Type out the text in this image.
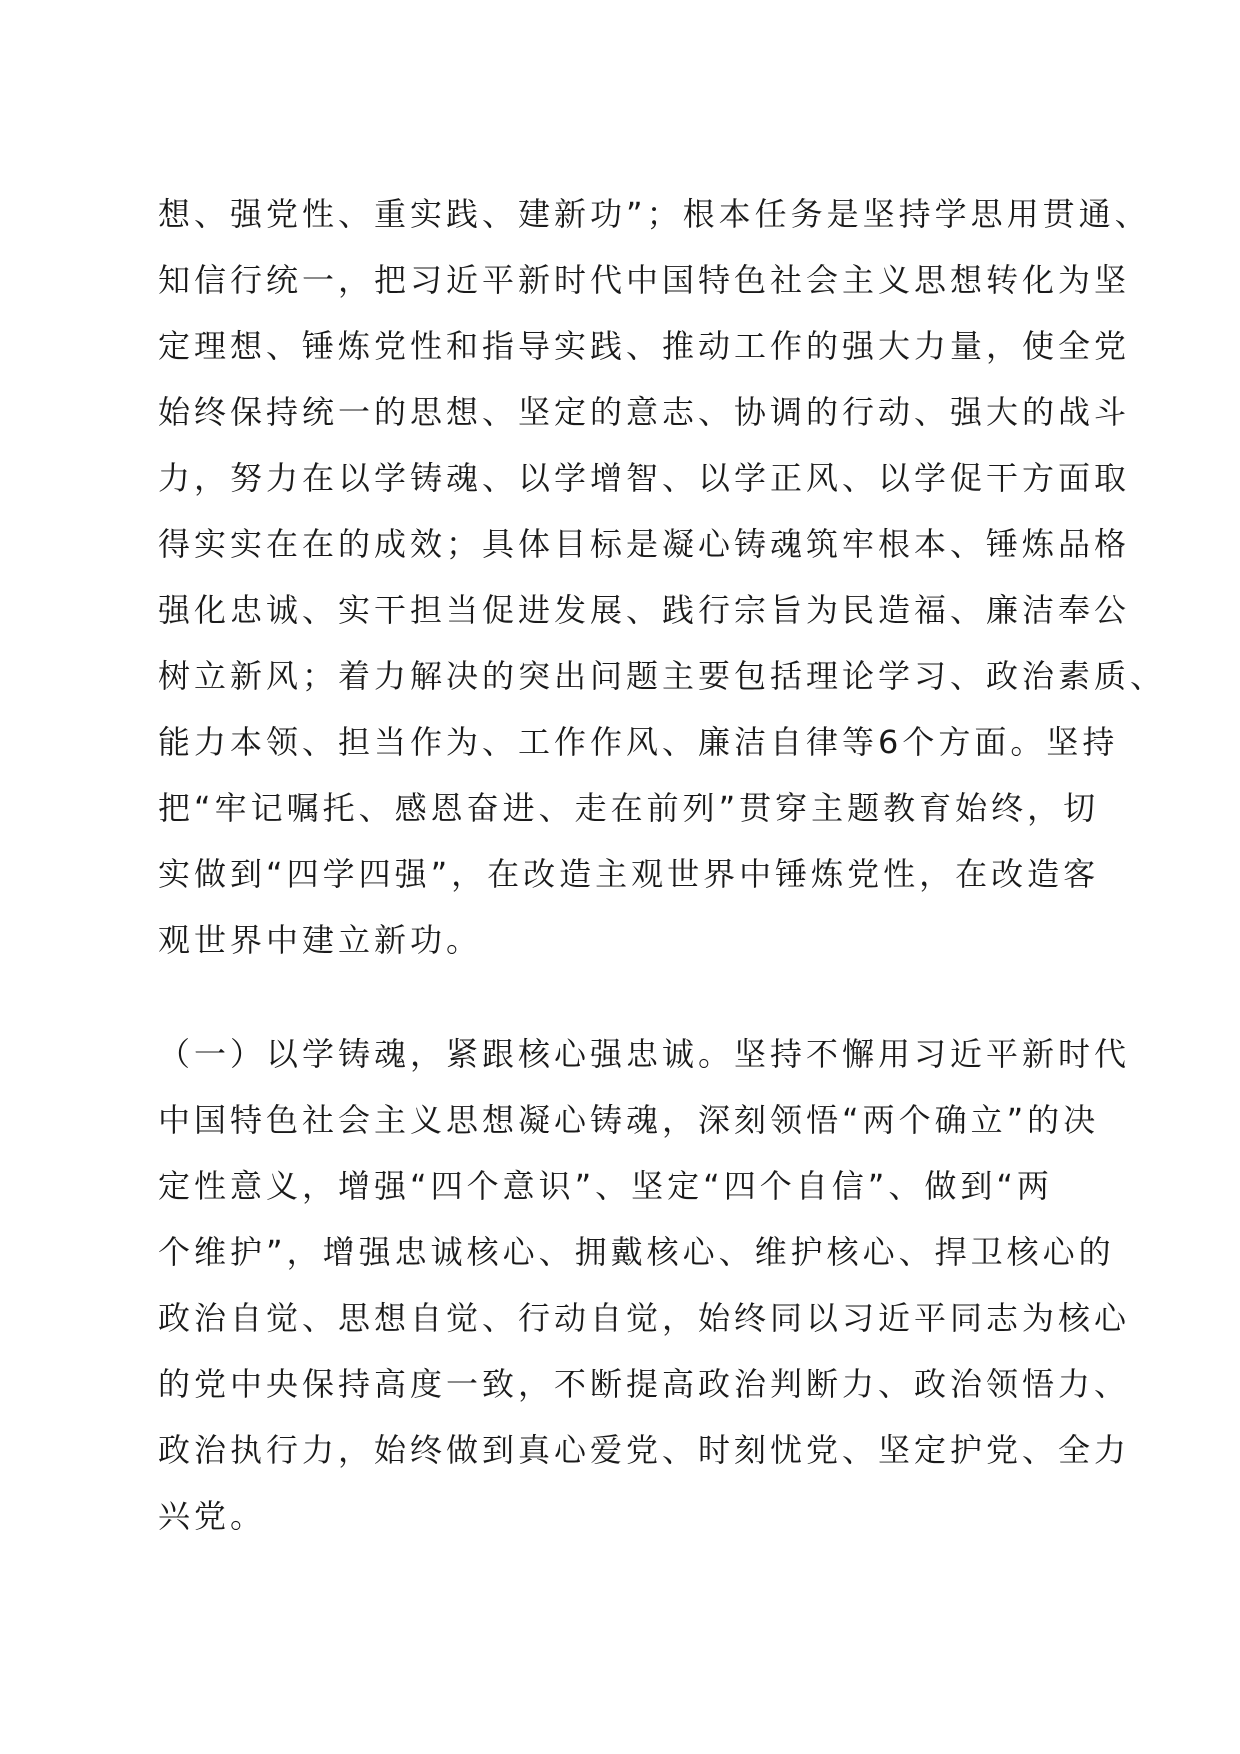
想、强党性、重实践、建新功”；根本任务是坚持学思用贯通、
知信行统一，把习近平新时代中国特色社会主义思想转化为坚
定理想、锤炼党性和指导实践、推动工作的强大力量，使全党
始终保持统一的思想、坚定的意志、协调的行动、强大的战斗
力，努力在以学铸魂、以学增智、以学正风、以学促干方面取
得实实在在的成效；具体目标是凝心铸魂筑牢根本、锤炼品格
强化忠诚、实干担当促进发展、践行宗旨为民造福、廉洁奉公
树立新风；着力解决的突出问题主要包括理论学习、政治素质、
能力本领、担当作为、工作作风、廉洁自律等6个方面。坚持
把“牢记嘱托、感恩奋进、走在前列”贯穿主题教育始终，切
实做到“四学四强”，在改造主观世界中锤炼党性，在改造客
观世界中建立新功。
（一）以学铸魂，紧跟核心强忠诚。坚持不懈用习近平新时代
中国特色社会主义思想凝心铸魂，深刻领悟“两个确立”的决
定性意义，增强“四个意识”、坚定“四个自信”、做到“两
个维护”，增强忠诚核心、拥戴核心、维护核心、捍卫核心的
政治自觉、思想自觉、行动自觉，始终同以习近平同志为核心
的党中央保持高度一致，不断提高政治判断力、政治领悟力、
政治执行力，始终做到真心爱党、时刻忧党、坚定护党、全力
兴党。
